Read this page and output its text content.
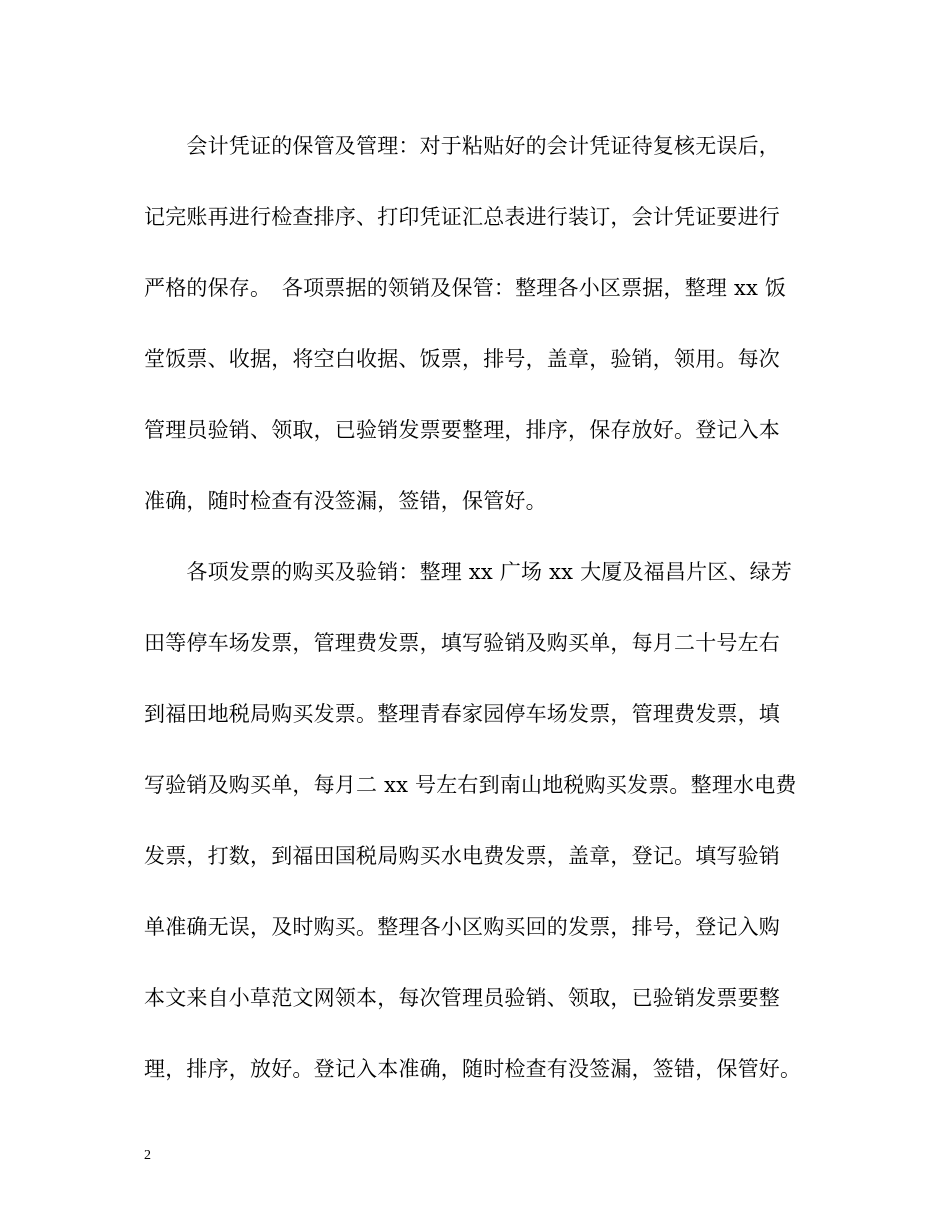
　　会计凭证的保管及管理：对于粘贴好的会计凭证待复核无误后，
记完账再进行检查排序、打印凭证汇总表进行装订，会计凭证要进行
严格的保存。　各项票据的领销及保管：整理各小区票据，整理 xx 饭
堂饭票、收据，将空白收据、饭票，排号，盖章，验销，领用。每次
管理员验销、领取，已验销发票要整理，排序，保存放好。登记入本
准确，随时检查有没签漏，签错，保管好。
　　各项发票的购买及验销：整理 xx 广场 xx 大厦及福昌片区、绿芳
田等停车场发票，管理费发票，填写验销及购买单，每月二十号左右
到福田地税局购买发票。整理青春家园停车场发票，管理费发票，填
写验销及购买单，每月二 xx 号左右到南山地税购买发票。整理水电费
发票，打数，到福田国税局购买水电费发票，盖章，登记。填写验销
单准确无误，及时购买。整理各小区购买回的发票，排号，登记入购
本文来自小草范文网领本，每次管理员验销、领取，已验销发票要整
理，排序，放好。登记入本准确，随时检查有没签漏，签错，保管好。
2
